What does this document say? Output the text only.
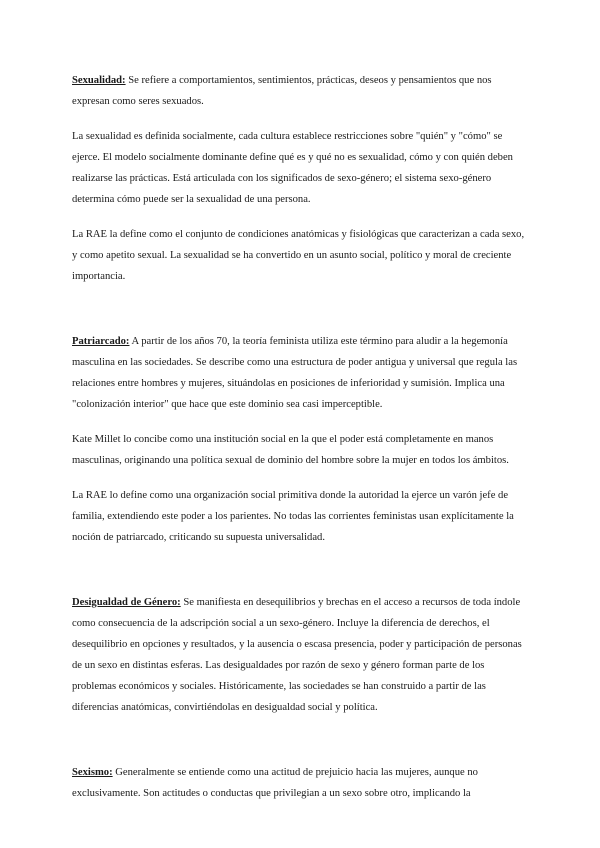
Sexualidad: Se refiere a comportamientos, sentimientos, prácticas, deseos y pensamientos que nos expresan como seres sexuados.

La sexualidad es definida socialmente, cada cultura establece restricciones sobre "quién" y "cómo" se ejerce. El modelo socialmente dominante define qué es y qué no es sexualidad, cómo y con quién deben realizarse las prácticas. Está articulada con los significados de sexo-género; el sistema sexo-género determina cómo puede ser la sexualidad de una persona.

La RAE la define como el conjunto de condiciones anatómicas y fisiológicas que caracterizan a cada sexo, y como apetito sexual. La sexualidad se ha convertido en un asunto social, político y moral de creciente importancia.

Patriarcado: A partir de los años 70, la teoría feminista utiliza este término para aludir a la hegemonía masculina en las sociedades. Se describe como una estructura de poder antigua y universal que regula las relaciones entre hombres y mujeres, situándolas en posiciones de inferioridad y sumisión. Implica una "colonización interior" que hace que este dominio sea casi imperceptible.

Kate Millet lo concibe como una institución social en la que el poder está completamente en manos masculinas, originando una política sexual de dominio del hombre sobre la mujer en todos los ámbitos.

La RAE lo define como una organización social primitiva donde la autoridad la ejerce un varón jefe de familia, extendiendo este poder a los parientes. No todas las corrientes feministas usan explícitamente la noción de patriarcado, criticando su supuesta universalidad.

Desigualdad de Género: Se manifiesta en desequilibrios y brechas en el acceso a recursos de toda índole como consecuencia de la adscripción social a un sexo-género. Incluye la diferencia de derechos, el desequilibrio en opciones y resultados, y la ausencia o escasa presencia, poder y participación de personas de un sexo en distintas esferas. Las desigualdades por razón de sexo y género forman parte de los problemas económicos y sociales. Históricamente, las sociedades se han construido a partir de las diferencias anatómicas, convirtiéndolas en desigualdad social y política.

Sexismo: Generalmente se entiende como una actitud de prejuicio hacia las mujeres, aunque no exclusivamente. Son actitudes o conductas que privilegian a un sexo sobre otro, implicando la
